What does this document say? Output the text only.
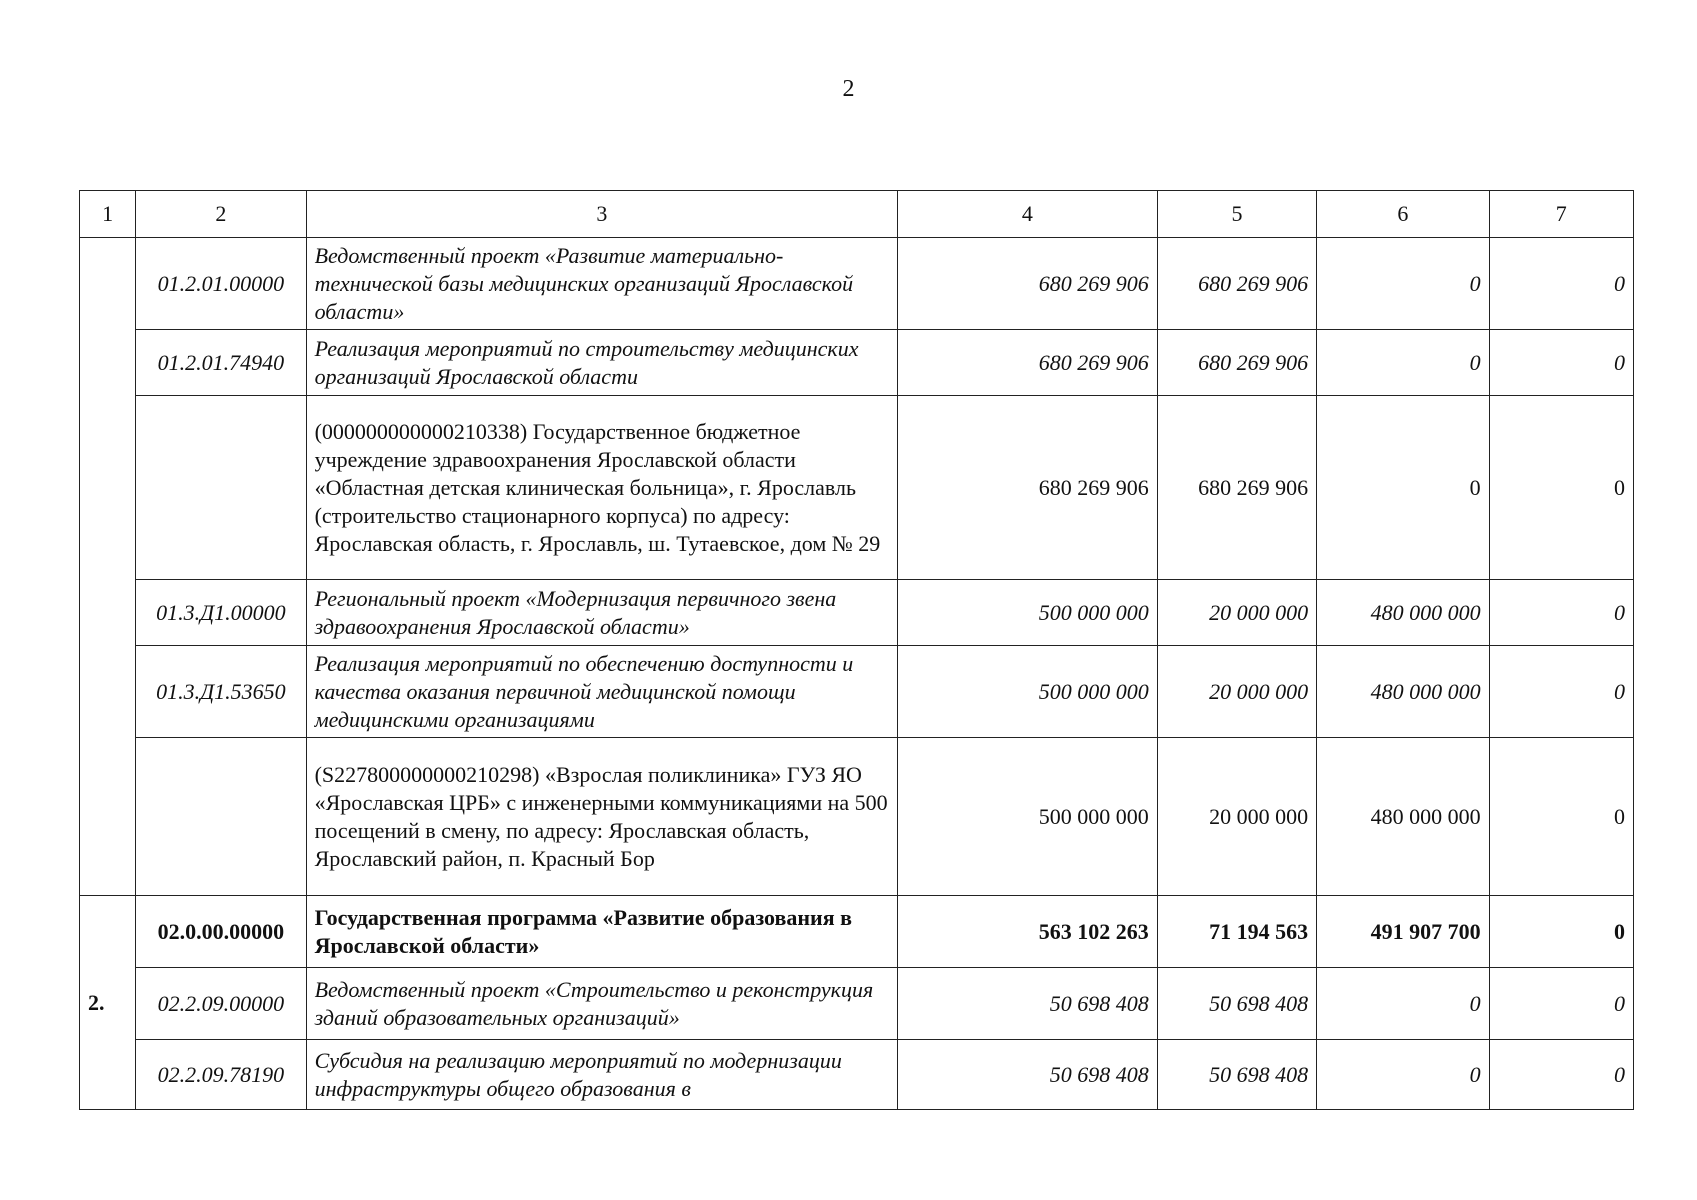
2
1	2	3	4	5	6	7
	01.2.01.00000	Ведомственный проект «Развитие материально-технической базы медицинских организаций Ярославской области»	680 269 906	680 269 906	0	0
	01.2.01.74940	Реализация мероприятий по строительству медицинских организаций Ярославской области	680 269 906	680 269 906	0	0
		(000000000000210338) Государственное бюджетное учреждение здравоохранения Ярославской области «Областная детская клиническая больница», г. Ярославль (строительство стационарного корпуса) по адресу: Ярославская область, г. Ярославль, ш. Тутаевское, дом № 29	680 269 906	680 269 906	0	0
	01.3.Д1.00000	Региональный проект «Модернизация первичного звена здравоохранения Ярославской области»	500 000 000	20 000 000	480 000 000	0
	01.3.Д1.53650	Реализация мероприятий по обеспечению доступности и качества оказания первичной медицинской помощи медицинскими организациями	500 000 000	20 000 000	480 000 000	0
		(S227800000000210298) «Взрослая поликлиника» ГУЗ ЯО «Ярославская ЦРБ» с инженерными коммуникациями на 500 посещений в смену, по адресу: Ярославская область, Ярославский район, п. Красный Бор	500 000 000	20 000 000	480 000 000	0
2.	02.0.00.00000	Государственная программа «Развитие образования в Ярославской области»	563 102 263	71 194 563	491 907 700	0
	02.2.09.00000	Ведомственный проект «Строительство и реконструкция зданий образовательных организаций»	50 698 408	50 698 408	0	0
	02.2.09.78190	Субсидия на реализацию мероприятий по модернизации инфраструктуры общего образования в	50 698 408	50 698 408	0	0
